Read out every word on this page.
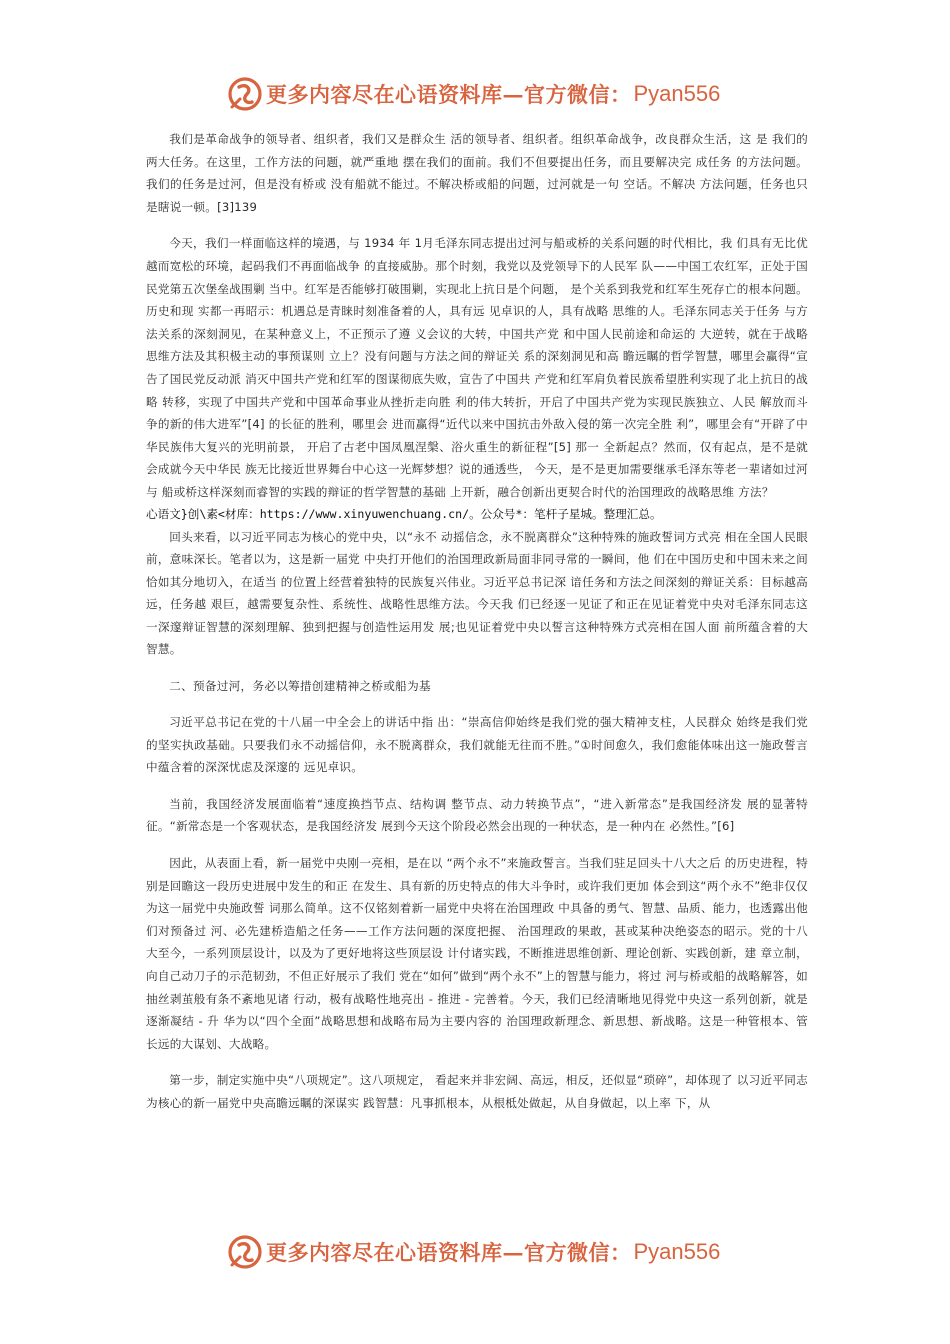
更多内容尽在心语资料库—官方微信： Pyan556

我们是革命战争的领导者、组织者，我们又是群众生 活的领导者、组织者。组织革命战争，改良群众生活，这 是 我们的两大任务。在这里，工作方法的问题，就严重地 摆在我们的面前。我们不但要提出任务，而且要解决完 成任务 的方法问题。我们的任务是过河，但是没有桥或 没有船就不能过。不解决桥或船的问题，过河就是一句 空话。不解决 方法问题，任务也只是瞎说一顿。[3]139

今天，我们一样面临这样的境遇，与 1934 年 1月毛泽东同志提出过河与船或桥的关系问题的时代相比，我 们具有无比优越而宽松的环境，起码我们不再面临战争 的直接威胁。那个时刻，我党以及党领导下的人民军 队——中国工农红军，正处于国民党第五次堡垒战围剿 当中。红军是否能够打破围剿，实现北上抗日是个问题， 是个关系到我党和红军生死存亡的根本问题。历史和现 实都一再昭示：机遇总是青睐时刻准备着的人，具有远 见卓识的人，具有战略 思维的人。毛泽东同志关于任务 与方法关系的深刻洞见，在某种意义上，不正预示了遵 义会议的大转，中国共产党 和中国人民前途和命运的 大逆转，就在于战略思维方法及其积极主动的事预谋则 立上？没有问题与方法之间的辩证关 系的深刻洞见和高 瞻远瞩的哲学智慧，哪里会赢得“宣告了国民党反动派 消灭中国共产党和红军的图谋彻底失败，宣告了中国共 产党和红军肩负着民族希望胜利实现了北上抗日的战略 转移，实现了中国共产党和中国革命事业从挫折走向胜 利的伟大转折，开启了中国共产党为实现民族独立、人民 解放而斗争的新的伟大进军”[4] 的长征的胜利，哪里会 进而赢得“近代以来中国抗击外敌入侵的第一次完全胜 利”，哪里会有“开辟了中华民族伟大复兴的光明前景， 开启了古老中国凤凰涅槃、浴火重生的新征程”[5] 那一 全新起点？然而，仅有起点，是不是就会成就今天中华民 族无比接近世界舞台中心这一光辉梦想？说的通透些， 今天，是不是更加需要继承毛泽东等老一辈诸如过河与 船或桥这样深刻而睿智的实践的辩证的哲学智慧的基础 上开新，融合创新出更契合时代的治国理政的战略思维 方法？

心语文}创\素<材库：https://www.xinyuwenchuang.cn/。公众号*：笔杆子星城。整理汇总。

回头来看，以习近平同志为核心的党中央，以“永不 动摇信念，永不脱离群众”这种特殊的施政誓词方式亮 相在全国人民眼前，意味深长。笔者以为，这是新一届党 中央打开他们的治国理政新局面非同寻常的一瞬间，他 们在中国历史和中国未来之间恰如其分地切入，在适当 的位置上经营着独特的民族复兴伟业。习近平总书记深 谙任务和方法之间深刻的辩证关系：目标越高远，任务越 艰巨，越需要复杂性、系统性、战略性思维方法。今天我 们已经逐一见证了和正在见证着党中央对毛泽东同志这 一深邃辩证智慧的深刻理解、独到把握与创造性运用发 展;也见证着党中央以誓言这种特殊方式亮相在国人面 前所蕴含着的大智慧。

二、预备过河，务必以筹措创建精神之桥或船为基

习近平总书记在党的十八届一中全会上的讲话中指 出：“崇高信仰始终是我们党的强大精神支柱，人民群众 始终是我们党的坚实执政基础。只要我们永不动摇信仰，永不脱离群众，我们就能无往而不胜。”①时间愈久，我们愈能体味出这一施政誓言中蕴含着的深深忧虑及深邃的 远见卓识。

当前，我国经济发展面临着“速度换挡节点、结构调 整节点、动力转换节点”，“进入新常态”是我国经济发 展的显著特征。“新常态是一个客观状态，是我国经济发 展到今天这个阶段必然会出现的一种状态，是一种内在 必然性。”[6]

因此，从表面上看，新一届党中央刚一亮相，是在以 “两个永不”来施政誓言。当我们驻足回头十八大之后 的历史进程，特别是回瞻这一段历史进展中发生的和正 在发生、具有新的历史特点的伟大斗争时，或许我们更加 体会到这“两个永不”绝非仅仅为这一届党中央施政誓 词那么简单。这不仅铭刻着新一届党中央将在治国理政 中具备的勇气、智慧、品质、能力，也透露出他们对预备过 河、必先建桥造船之任务——工作方法问题的深度把握、 治国理政的果敢，甚或某种决绝姿态的昭示。党的十八 大至今，一系列顶层设计，以及为了更好地将这些顶层设 计付诸实践，不断推进思维创新、理论创新、实践创新，建 章立制，向自己动刀子的示范韧劲，不但正好展示了我们 党在“如何”做到“两个永不”上的智慧与能力，将过 河与桥或船的战略解答，如抽丝剥茧般有条不紊地见诸 行动，极有战略性地亮出 - 推进 - 完善着。今天，我们已经清晰地见得党中央这一系列创新，就是逐渐凝结 - 升 华为以“四个全面”战略思想和战略布局为主要内容的 治国理政新理念、新思想、新战略。这是一种管根本、管 长远的大谋划、大战略。

第一步，制定实施中央“八项规定”。这八项规定， 看起来并非宏阔、高远，相反，还似显“琐碎”，却体现了 以习近平同志为核心的新一届党中央高瞻远瞩的深谋实 践智慧：凡事抓根本，从根柢处做起，从自身做起，以上率 下，从

更多内容尽在心语资料库—官方微信： Pyan556
